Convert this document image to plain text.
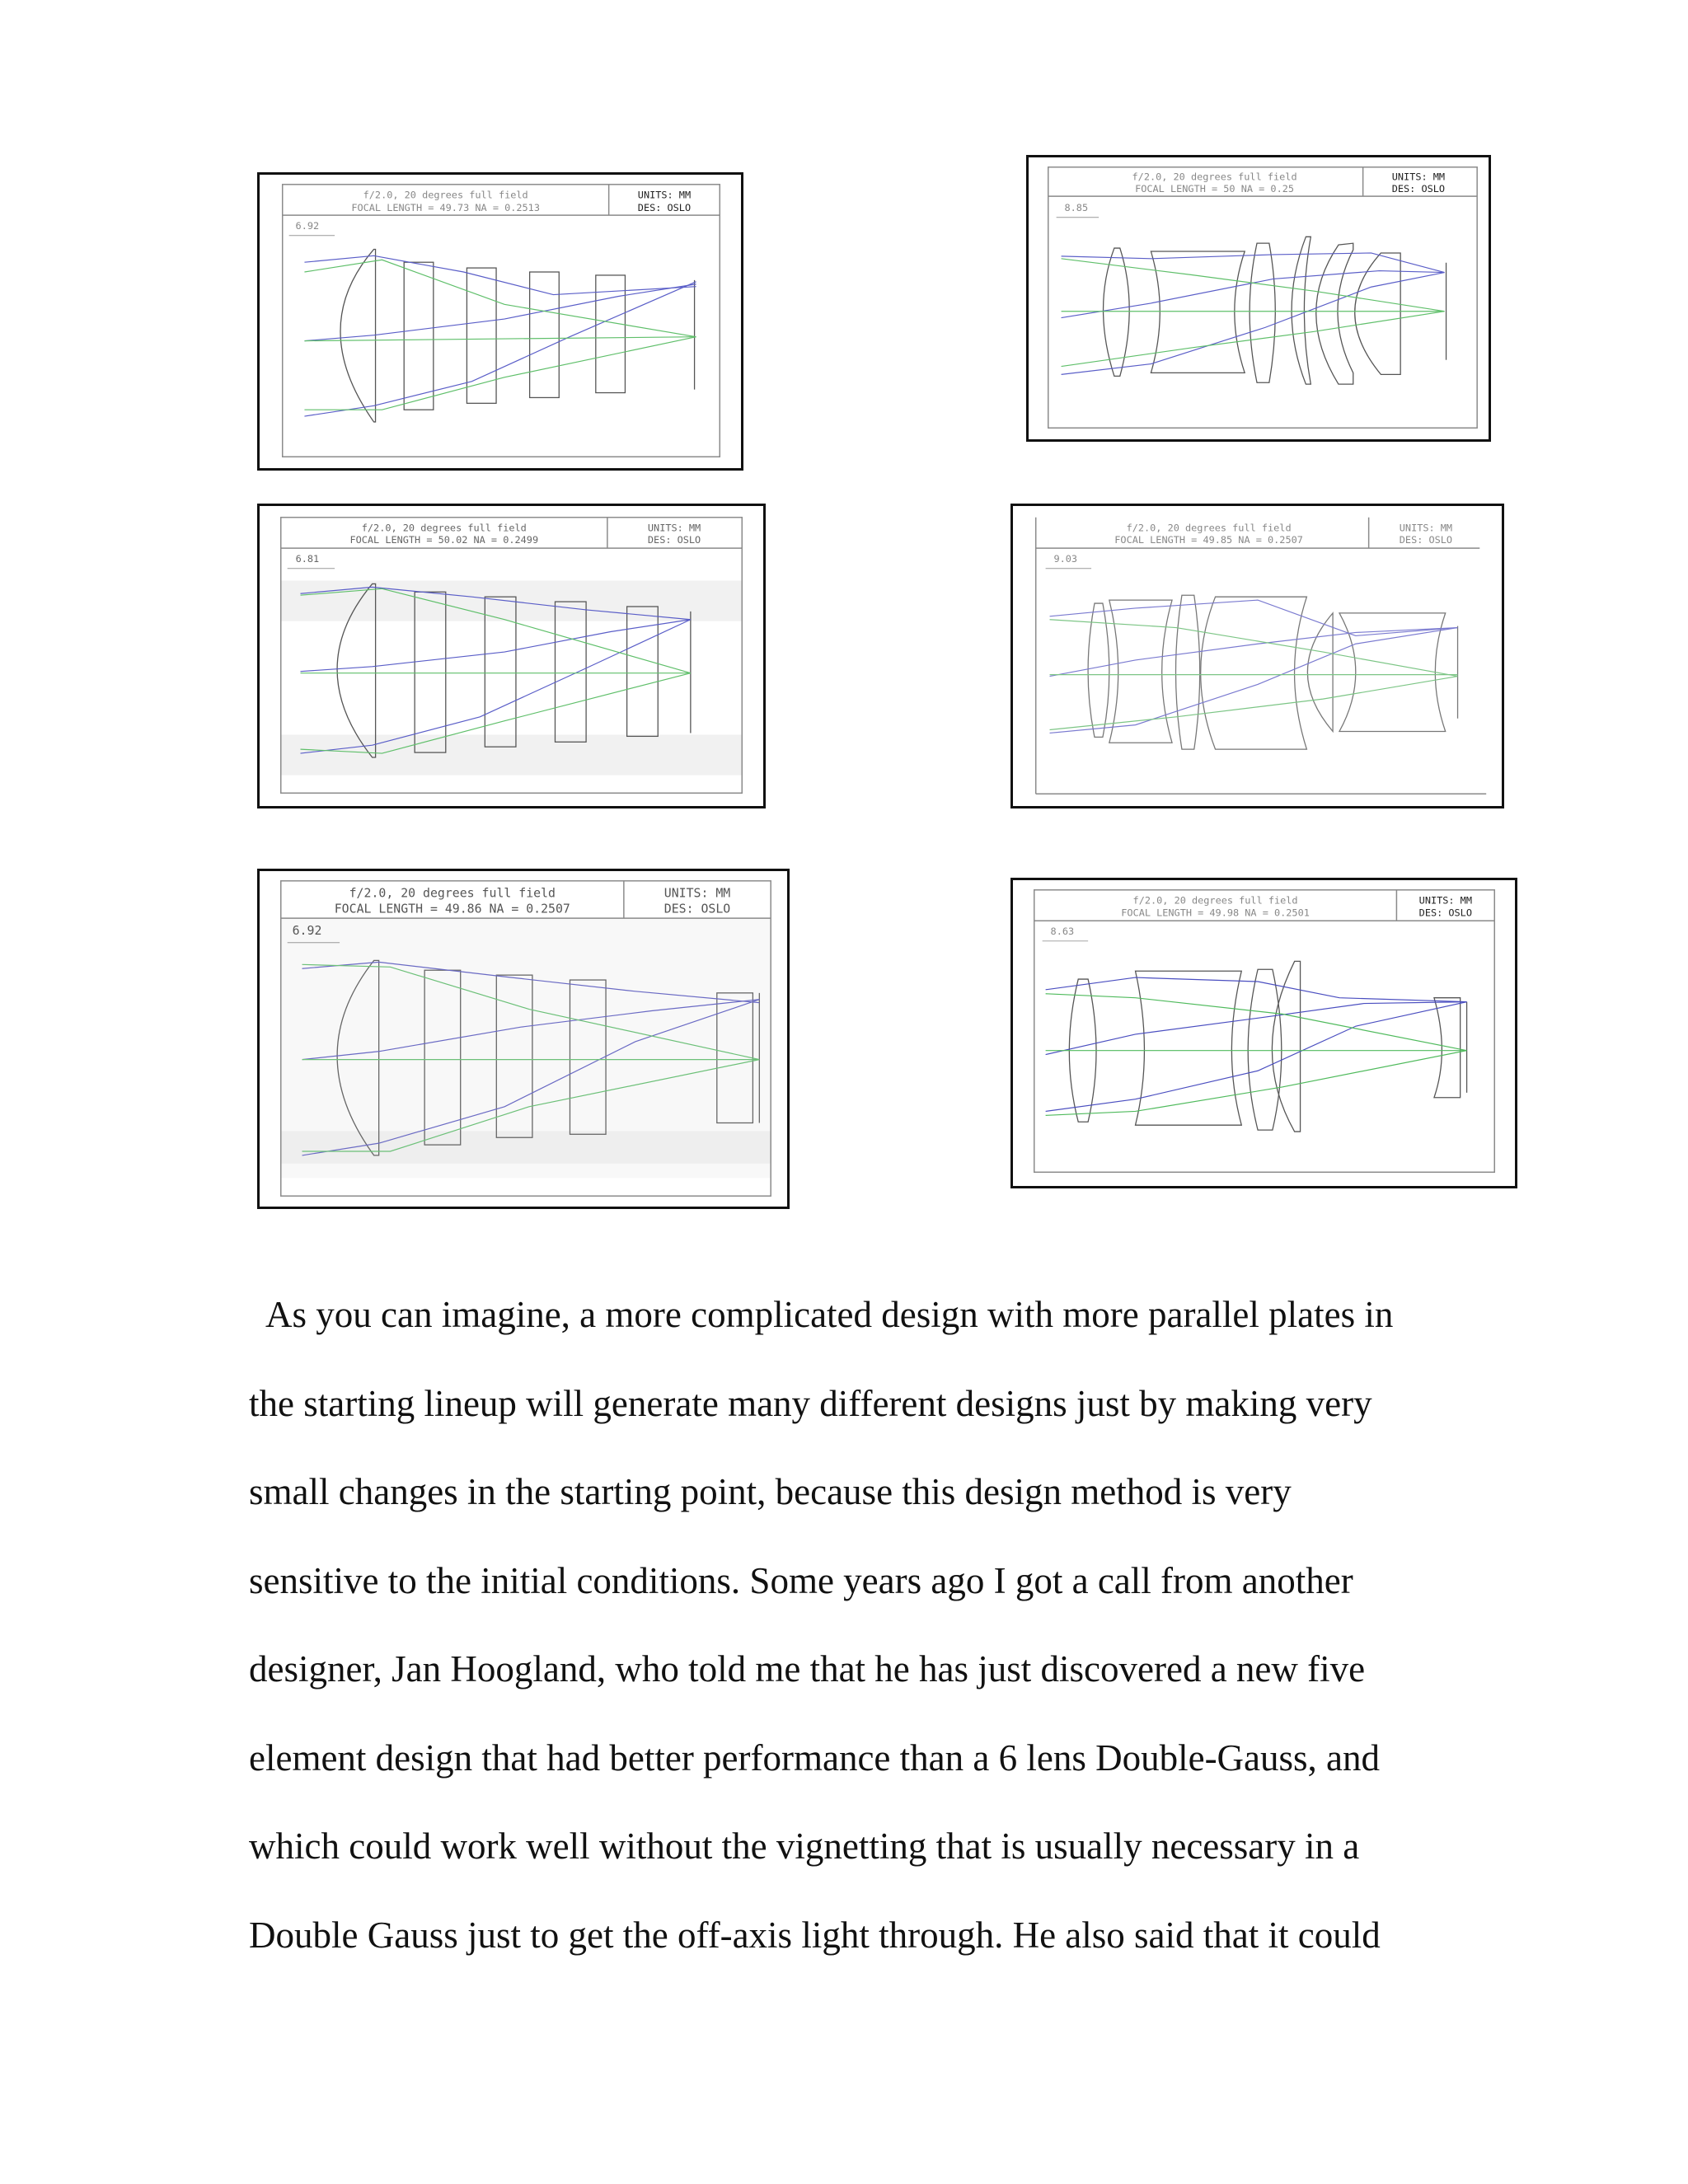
f/2.0, 20 degrees full field
FOCAL LENGTH = 49.73 NA = 0.2513
UNITS: MM
DES: OSLO
6.92
f/2.0, 20 degrees full field
FOCAL LENGTH = 50 NA = 0.25
UNITS: MM
DES: OSLO
8.85
f/2.0, 20 degrees full field
FOCAL LENGTH = 50.02 NA = 0.2499
UNITS: MM
DES: OSLO
6.81
f/2.0, 20 degrees full field
FOCAL LENGTH = 49.85 NA = 0.2507
UNITS: MM
DES: OSLO
9.03
f/2.0, 20 degrees full field
FOCAL LENGTH = 49.86 NA = 0.2507
UNITS: MM
DES: OSLO
6.92
f/2.0, 20 degrees full field
FOCAL LENGTH = 49.98 NA = 0.2501
UNITS: MM
DES: OSLO
8.63

As you can imagine, a more complicated design with more parallel plates in
the starting lineup will generate many different designs just by making very
small changes in the starting point, because this design method is very
sensitive to the initial conditions. Some years ago I got a call from another
designer, Jan Hoogland, who told me that he has just discovered a new five
element design that had better performance than a 6 lens Double-Gauss, and
which could work well without the vignetting that is usually necessary in a
Double Gauss just to get the off-axis light through. He also said that it could
